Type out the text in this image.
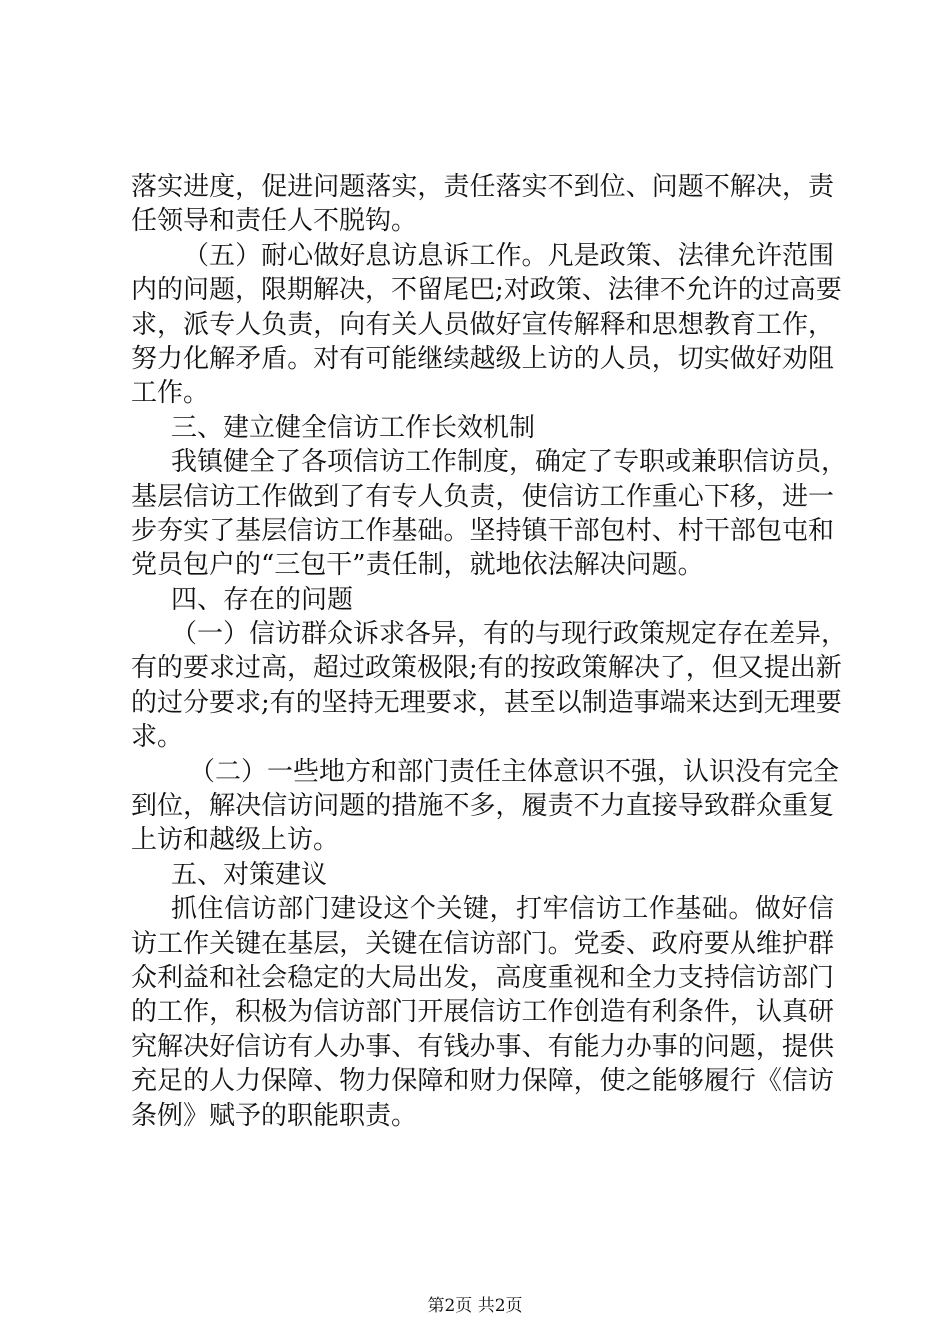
落实进度，促进问题落实，责任落实不到位、问题不解决，责
任领导和责任人不脱钩。
（五）耐心做好息访息诉工作。凡是政策、法律允许范围
内的问题，限期解决，不留尾巴;对政策、法律不允许的过高要
求，派专人负责，向有关人员做好宣传解释和思想教育工作，
努力化解矛盾。对有可能继续越级上访的人员，切实做好劝阻
工作。
三、建立健全信访工作长效机制
我镇健全了各项信访工作制度，确定了专职或兼职信访员，
基层信访工作做到了有专人负责，使信访工作重心下移，进一
步夯实了基层信访工作基础。坚持镇干部包村、村干部包屯和
党员包户的“三包干”责任制，就地依法解决问题。
四、存在的问题
（一）信访群众诉求各异，有的与现行政策规定存在差异，
有的要求过高，超过政策极限;有的按政策解决了，但又提出新
的过分要求;有的坚持无理要求，甚至以制造事端来达到无理要
求。
（二）一些地方和部门责任主体意识不强，认识没有完全
到位，解决信访问题的措施不多，履责不力直接导致群众重复
上访和越级上访。
五、对策建议
抓住信访部门建设这个关键，打牢信访工作基础。做好信
访工作关键在基层，关键在信访部门。党委、政府要从维护群
众利益和社会稳定的大局出发，高度重视和全力支持信访部门
的工作，积极为信访部门开展信访工作创造有利条件，认真研
究解决好信访有人办事、有钱办事、有能力办事的问题，提供
充足的人力保障、物力保障和财力保障，使之能够履行《信访
条例》赋予的职能职责。
第2页 共2页
